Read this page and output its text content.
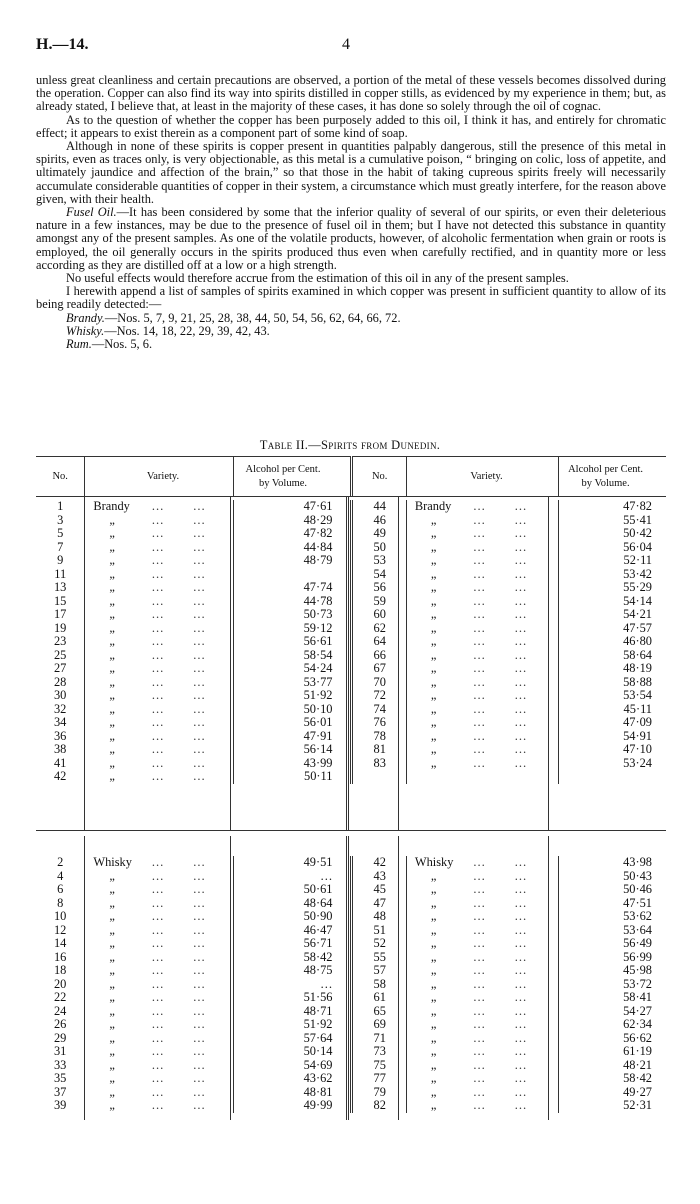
H.—14.	4

unless great cleanliness and certain precautions are observed, a portion of the metal of these vessels becomes dissolved during the operation. Copper can also find its way into spirits distilled in copper stills, as evidenced by my experience in them; but, as already stated, I believe that, at least in the majority of these cases, it has done so solely through the oil of cognac.

As to the question of whether the copper has been purposely added to this oil, I think it has, and entirely for chromatic effect; it appears to exist therein as a component part of some kind of soap.

Although in none of these spirits is copper present in quantities palpably dangerous, still the presence of this metal in spirits, even as traces only, is very objectionable, as this metal is a cumulative poison, “ bringing on colic, loss of appetite, and ultimately jaundice and affection of the brain,” so that those in the habit of taking cupreous spirits freely will necessarily accumulate considerable quantities of copper in their system, a circumstance which must greatly interfere, for the reason above given, with their health.

Fusel Oil.—It has been considered by some that the inferior quality of several of our spirits, or even their deleterious nature in a few instances, may be due to the presence of fusel oil in them; but I have not detected this substance in quantity amongst any of the present samples. As one of the volatile products, however, of alcoholic fermentation when grain or roots is employed, the oil generally occurs in the spirits produced thus even when carefully rectified, and in quantity more or less according as they are distilled off at a low or a high strength.

No useful effects would therefore accrue from the estimation of this oil in any of the present samples.

I herewith append a list of samples of spirits examined in which copper was present in sufficient quantity to allow of its being readily detected:—

Brandy.—Nos. 5, 7, 9, 21, 25, 28, 38, 44, 50, 54, 56, 62, 64, 66, 72.

Whisky.—Nos. 14, 18, 22, 29, 39, 42, 43.

Rum.—Nos. 5, 6.

Table II.—Spirits from Dunedin.
No.	Variety.	Alcohol per Cent.
by Volume.	No.	Variety.	Alcohol per Cent.
by Volume.
1	Brandy … …	47·61	44	Brandy … …	47·82
3	„ … …	48·29	46	„ … …	55·41
5	„ … …	47·82	49	„ … …	50·42
7	„ … …	44·84	50	„ … …	56·04
9	„ … …	48·79	53	„ … …	52·11
11	„ … …		54	„ … …	53·42
13	„ … …	47·74	56	„ … …	55·29
15	„ … …	44·78	59	„ … …	54·14
17	„ … …	50·73	60	„ … …	54·21
19	„ … …	59·12	62	„ … …	47·57
23	„ … …	56·61	64	„ … …	46·80
25	„ … …	58·54	66	„ … …	58·64
27	„ … …	54·24	67	„ … …	48·19
28	„ … …	53·77	70	„ … …	58·88
30	„ … …	51·92	72	„ … …	53·54
32	„ … …	50·10	74	„ … …	45·11
34	„ … …	56·01	76	„ … …	47·09
36	„ … …	47·91	78	„ … …	54·91
38	„ … …	56·14	81	„ … …	47·10
41	„ … …	43·99	83	„ … …	53·24
42	„ … …	50·11			
2	Whisky … …	49·51	42	Whisky … …	43·98
4	„ … …	…	43	„ … …	50·43
6	„ … …	50·61	45	„ … …	50·46
8	„ … …	48·64	47	„ … …	47·51
10	„ … …	50·90	48	„ … …	53·62
12	„ … …	46·47	51	„ … …	53·64
14	„ … …	56·71	52	„ … …	56·49
16	„ … …	58·42	55	„ … …	56·99
18	„ … …	48·75	57	„ … …	45·98
20	„ … …	…	58	„ … …	53·72
22	„ … …	51·56	61	„ … …	58·41
24	„ … …	48·71	65	„ … …	54·27
26	„ … …	51·92	69	„ … …	62·34
29	„ … …	57·64	71	„ … …	56·62
31	„ … …	50·14	73	„ … …	61·19
33	„ … …	54·69	75	„ … …	48·21
35	„ … …	43·62	77	„ … …	58·42
37	„ … …	48·81	79	„ … …	49·27
39	„ … …	49·99	82	„ … …	52·31
